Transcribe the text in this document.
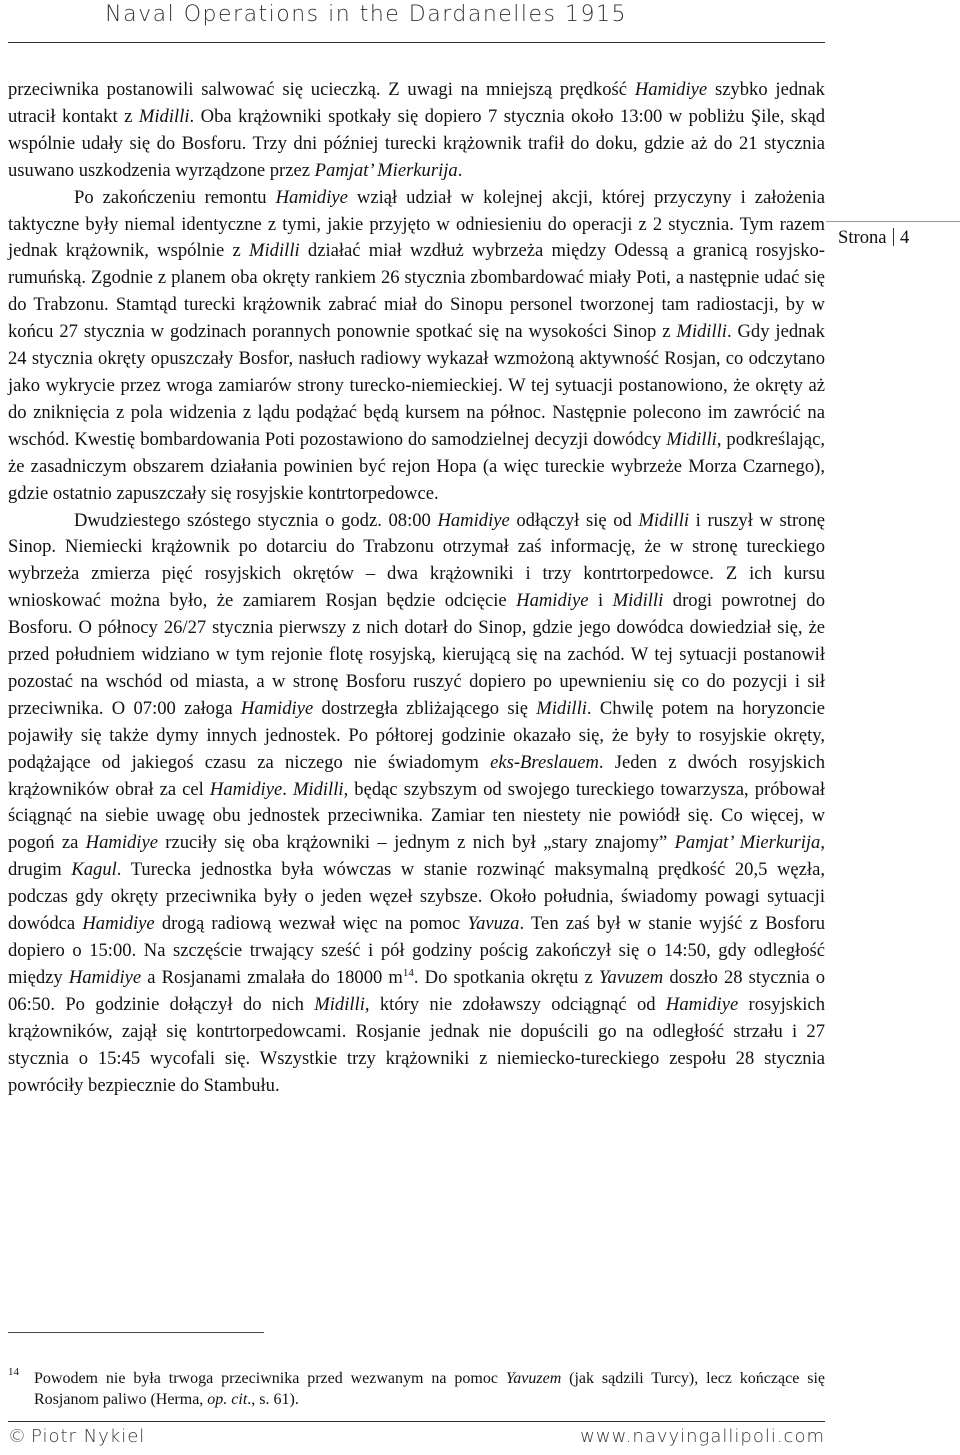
Naval Operations in the Dardanelles 1915
Strona 4

przeciwnika postanowili salwować się ucieczką. Z uwagi na mniejszą prędkość Hamidiye szybko jednak utracił kontakt z Midilli. Oba krążowniki spotkały się dopiero 7 stycznia około 13:00 w pobliżu Şile, skąd wspólnie udały się do Bosforu. Trzy dni później turecki krążownik trafił do doku, gdzie aż do 21 stycznia usuwano uszkodzenia wyrządzone przez Pamjat’ Mierkurija.

Po zakończeniu remontu Hamidiye wziął udział w kolejnej akcji, której przyczyny i założenia taktyczne były niemal identyczne z tymi, jakie przyjęto w odniesieniu do operacji z 2 stycznia. Tym razem jednak krążownik, wspólnie z Midilli działać miał wzdłuż wybrzeża między Odessą a granicą rosyjsko-rumuńską. Zgodnie z planem oba okręty rankiem 26 stycznia zbombardować miały Poti, a następnie udać się do Trabzonu. Stamtąd turecki krążownik zabrać miał do Sinopu personel tworzonej tam radiostacji, by w końcu 27 stycznia w godzinach porannych ponownie spotkać się na wysokości Sinop z Midilli. Gdy jednak 24 stycznia okręty opuszczały Bosfor, nasłuch radiowy wykazał wzmożoną aktywność Rosjan, co odczytano jako wykrycie przez wroga zamiarów strony turecko-niemieckiej. W tej sytuacji postanowiono, że okręty aż do zniknięcia z pola widzenia z lądu podążać będą kursem na północ. Następnie polecono im zawrócić na wschód. Kwestię bombardowania Poti pozostawiono do samodzielnej decyzji dowódcy Midilli, podkreślając, że zasadniczym obszarem działania powinien być rejon Hopa (a więc tureckie wybrzeże Morza Czarnego), gdzie ostatnio zapuszczały się rosyjskie kontrtorpedowce.

Dwudziestego szóstego stycznia o godz. 08:00 Hamidiye odłączył się od Midilli i ruszył w stronę Sinop. Niemiecki krążownik po dotarciu do Trabzonu otrzymał zaś informację, że w stronę tureckiego wybrzeża zmierza pięć rosyjskich okrętów – dwa krążowniki i trzy kontrtorpedowce. Z ich kursu wnioskować można było, że zamiarem Rosjan będzie odcięcie Hamidiye i Midilli drogi powrotnej do Bosforu. O północy 26/27 stycznia pierwszy z nich dotarł do Sinop, gdzie jego dowódca dowiedział się, że przed południem widziano w tym rejonie flotę rosyjską, kierującą się na zachód. W tej sytuacji postanowił pozostać na wschód od miasta, a w stronę Bosforu ruszyć dopiero po upewnieniu się co do pozycji i sił przeciwnika. O 07:00 załoga Hamidiye dostrzegła zbliżającego się Midilli. Chwilę potem na horyzoncie pojawiły się także dymy innych jednostek. Po półtorej godzinie okazało się, że były to rosyjskie okręty, podążające od jakiegoś czasu za niczego nie świadomym eks-Breslauem. Jeden z dwóch rosyjskich krążowników obrał za cel Hamidiye. Midilli, będąc szybszym od swojego tureckiego towarzysza, próbował ściągnąć na siebie uwagę obu jednostek przeciwnika. Zamiar ten niestety nie powiódł się. Co więcej, w pogoń za Hamidiye rzuciły się oba krążowniki – jednym z nich był „stary znajomy” Pamjat’ Mierkurija, drugim Kagul. Turecka jednostka była wówczas w stanie rozwinąć maksymalną prędkość 20,5 węzła, podczas gdy okręty przeciwnika były o jeden węzeł szybsze. Około południa, świadomy powagi sytuacji dowódca Hamidiye drogą radiową wezwał więc na pomoc Yavuza. Ten zaś był w stanie wyjść z Bosforu dopiero o 15:00. Na szczęście trwający sześć i pół godziny pościg zakończył się o 14:50, gdy odległość między Hamidiye a Rosjanami zmalała do 18000 $m^{14}$. Do spotkania okrętu z Yavuzem doszło 28 stycznia o 06:50. Po godzinie dołączył do nich Midilli, który nie zdoławszy odciągnąć od Hamidiye rosyjskich krążowników, zajął się kontrtorpedowcami. Rosjanie jednak nie dopuścili go na odległość strzału i 27 stycznia o 15:45 wycofali się. Wszystkie trzy krążowniki z niemiecko-tureckiego zespołu 28 stycznia powróciły bezpiecznie do Stambułu.

14 Powodem nie była trwoga przeciwnika przed wezwanym na pomoc Yavuzem (jak sądzili Turcy), lecz kończące się Rosjanom paliwo (Herma, op. cit., s. 61).
© Piotr Nykiel	www.navyingallipoli.com
